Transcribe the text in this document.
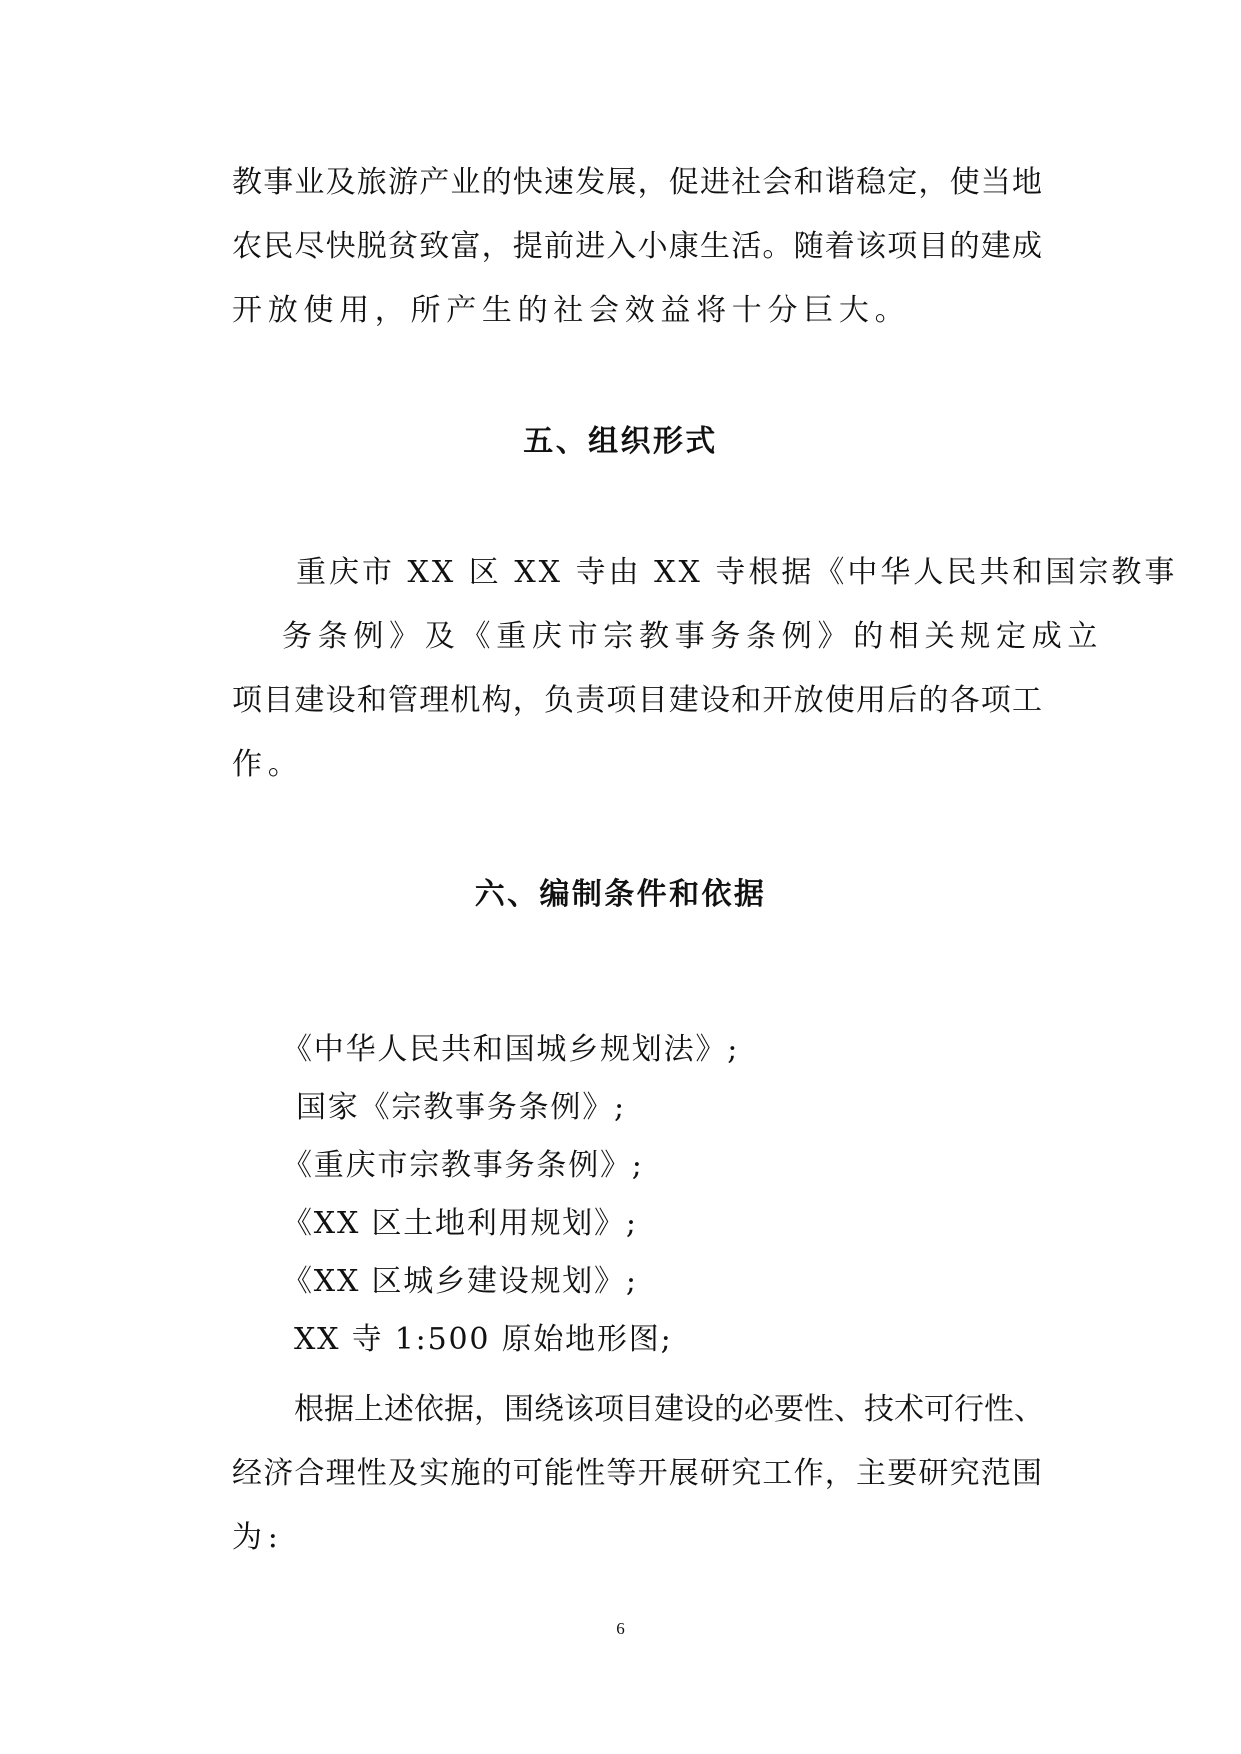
教事业及旅游产业的快速发展，促进社会和谐稳定，使当地
农民尽快脱贫致富，提前进入小康生活。随着该项目的建成
开放使用，所产生的社会效益将十分巨大。
五、组织形式
重庆市 XX 区 XX 寺由 XX 寺根据《中华人民共和国宗教事
务条例》及《重庆市宗教事务条例》的相关规定成立
项目建设和管理机构，负责项目建设和开放使用后的各项工
作。
六、编制条件和依据
《中华人民共和国城乡规划法》;
国家《宗教事务条例》;
《重庆市宗教事务条例》;
《XX 区土地利用规划》;
《XX 区城乡建设规划》;
XX 寺 1:500 原始地形图;
根据上述依据，围绕该项目建设的必要性、技术可行性、
经济合理性及实施的可能性等开展研究工作，主要研究范围
为:
6
